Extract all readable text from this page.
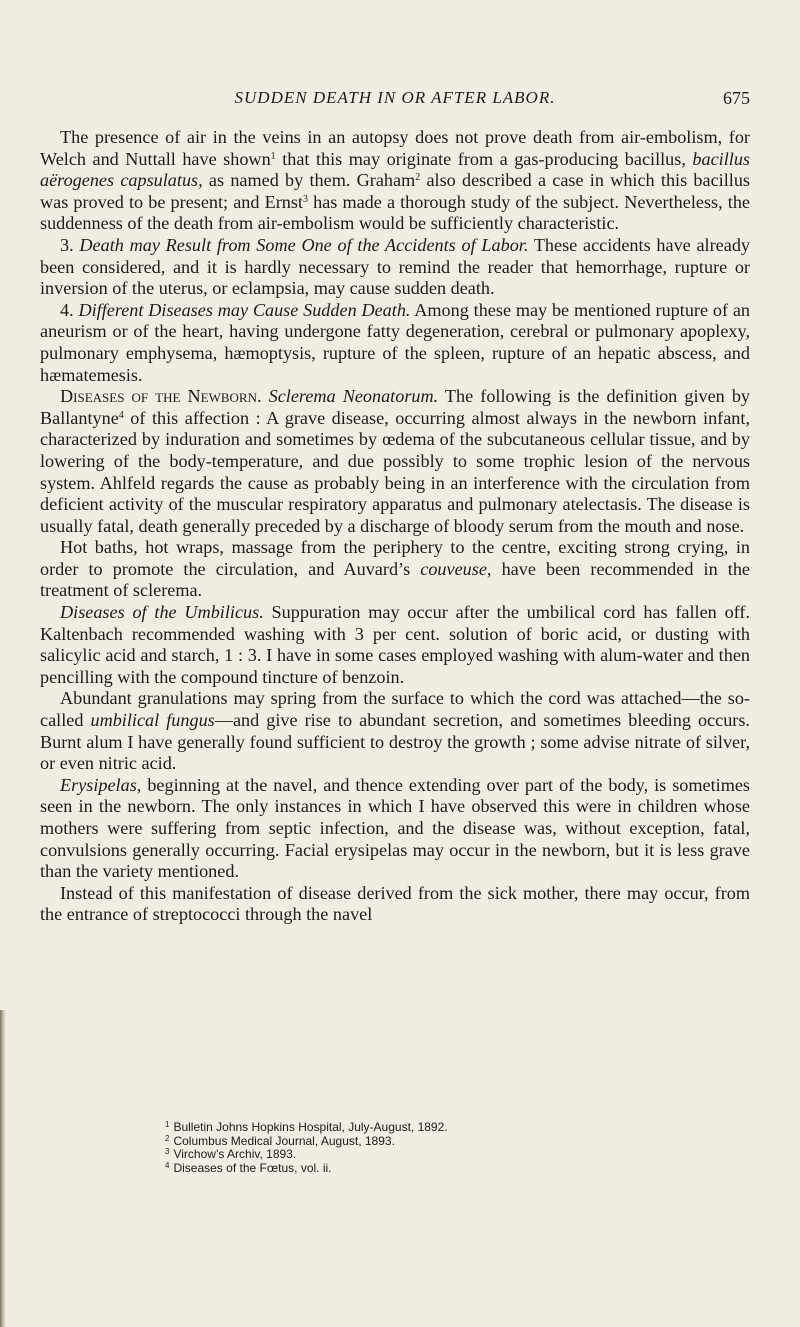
SUDDEN DEATH IN OR AFTER LABOR.	675

The presence of air in the veins in an autopsy does not prove death from air-embolism, for Welch and Nuttall have shown$^1$ that this may originate from a gas-producing bacillus, bacillus aërogenes capsulatus, as named by them. Graham$^2$ also described a case in which this bacillus was proved to be present; and Ernst$^3$ has made a thorough study of the subject. Nevertheless, the suddenness of the death from air-embolism would be sufficiently characteristic.

3. Death may Result from Some One of the Accidents of Labor. These accidents have already been considered, and it is hardly necessary to remind the reader that hemorrhage, rupture or inversion of the uterus, or eclampsia, may cause sudden death.

4. Different Diseases may Cause Sudden Death. Among these may be mentioned rupture of an aneurism or of the heart, having undergone fatty degeneration, cerebral or pulmonary apoplexy, pulmonary emphysema, hæmoptysis, rupture of the spleen, rupture of an hepatic abscess, and hæmatemesis.

Diseases of the Newborn. Sclerema Neonatorum. The following is the definition given by Ballantyne$^4$ of this affection : A grave disease, occurring almost always in the newborn infant, characterized by induration and sometimes by œdema of the subcutaneous cellular tissue, and by lowering of the body-temperature, and due possibly to some trophic lesion of the nervous system. Ahlfeld regards the cause as probably being in an interference with the circulation from deficient activity of the muscular respiratory apparatus and pulmonary atelectasis. The disease is usually fatal, death generally preceded by a discharge of bloody serum from the mouth and nose.

Hot baths, hot wraps, massage from the periphery to the centre, exciting strong crying, in order to promote the circulation, and Auvard’s couveuse, have been recommended in the treatment of sclerema.

Diseases of the Umbilicus. Suppuration may occur after the umbilical cord has fallen off. Kaltenbach recommended washing with 3 per cent. solution of boric acid, or dusting with salicylic acid and starch, 1 : 3. I have in some cases employed washing with alum-water and then pencilling with the compound tincture of benzoin.

Abundant granulations may spring from the surface to which the cord was attached—the so-called umbilical fungus—and give rise to abundant secretion, and sometimes bleeding occurs. Burnt alum I have generally found sufficient to destroy the growth ; some advise nitrate of silver, or even nitric acid.

Erysipelas, beginning at the navel, and thence extending over part of the body, is sometimes seen in the newborn. The only instances in which I have observed this were in children whose mothers were suffering from septic infection, and the disease was, without exception, fatal, convulsions generally occurring. Facial erysipelas may occur in the newborn, but it is less grave than the variety mentioned.

Instead of this manifestation of disease derived from the sick mother, there may occur, from the entrance of streptococci through the navel

$^1$ Bulletin Johns Hopkins Hospital, July-August, 1892.
$^2$ Columbus Medical Journal, August, 1893.
$^3$ Virchow’s Archiv, 1893.
$^4$ Diseases of the Fœtus, vol. ii.
